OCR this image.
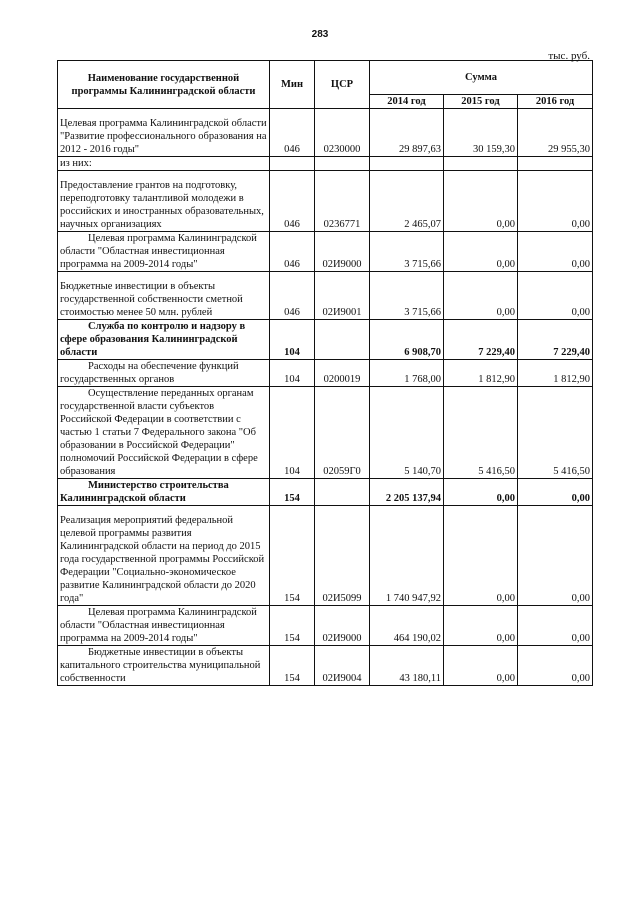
283
тыс. руб.
Наименование государственной программы Калининградской области	Мин	ЦСР	Сумма		
			2014 год	2015 год	2016 год

Целевая программа Калининградской области "Развитие профессионального образования на 2012 - 2016 годы"	046	0230000	29 897,63	30 159,30	29 955,30
из них:					

Предоставление грантов на подготовку, переподготовку талантливой молодежи в российских и иностранных образовательных, научных организациях	046	0236771	2 465,07	0,00	0,00
Целевая программа Калининградской области "Областная инвестиционная программа на 2009-2014 годы"	046	02И9000	3 715,66	0,00	0,00

Бюджетные инвестиции в объекты государственной собственности сметной стоимостью менее 50 млн. рублей	046	02И9001	3 715,66	0,00	0,00
Служба по контролю и надзору в сфере образования Калининградской области	104		6 908,70	7 229,40	7 229,40
Расходы на обеспечение функций государственных органов	104	0200019	1 768,00	1 812,90	1 812,90
Осуществление переданных органам государственной власти субъектов Российской Федерации в соответствии с частью 1 статьи 7 Федерального закона "Об образовании в Российской Федерации" полномочий Российской Федерации в сфере образования	104	02059Г0	5 140,70	5 416,50	5 416,50
Министерство строительства Калининградской области	154		2 205 137,94	0,00	0,00

Реализация мероприятий федеральной целевой программы развития Калининградской области на период до 2015 года государственной программы Российской Федерации "Социально-экономическое развитие Калининградской области до 2020 года"	154	02И5099	1 740 947,92	0,00	0,00
Целевая программа Калининградской области "Областная инвестиционная программа на 2009-2014 годы"	154	02И9000	464 190,02	0,00	0,00
Бюджетные инвестиции в объекты капитального строительства муниципальной собственности	154	02И9004	43 180,11	0,00	0,00
